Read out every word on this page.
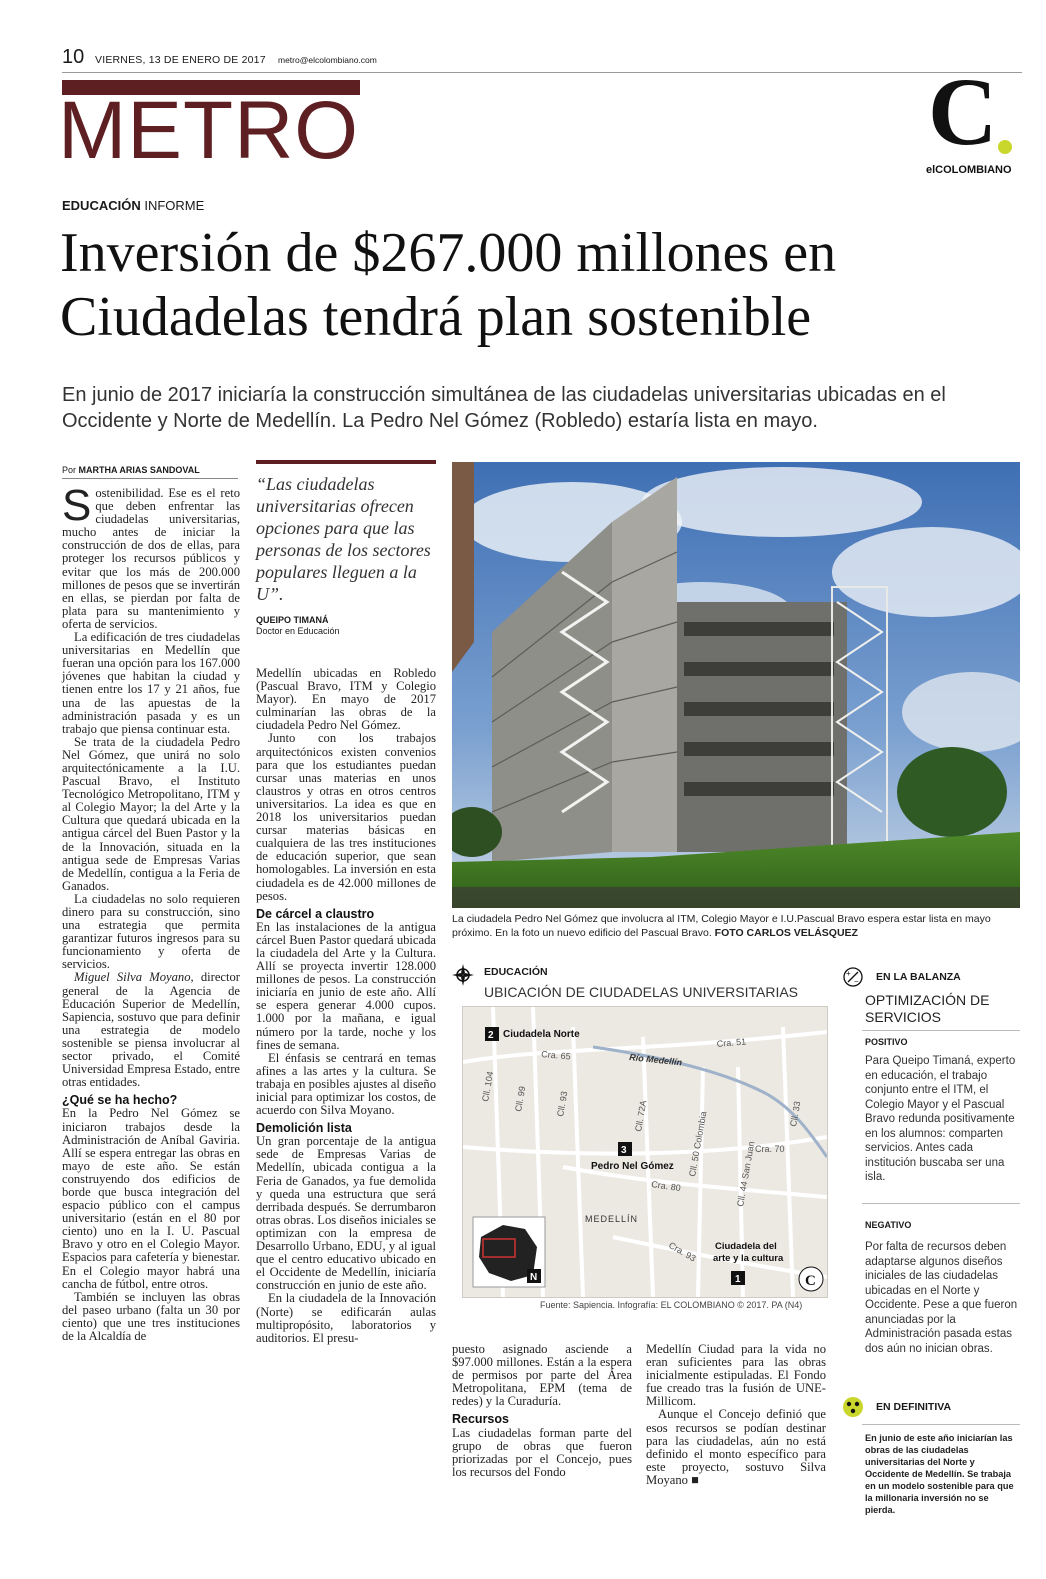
10 VIERNES, 13 DE ENERO DE 2017 metro@elcolombiano.com
METRO	C
elCOLOMBIANO
EDUCACIÓN INFORME
Inversión de $267.000 millones en Ciudadelas tendrá plan sostenible
En junio de 2017 iniciaría la construcción simultánea de las ciudadelas universitarias ubicadas en el Occidente y Norte de Medellín. La Pedro Nel Gómez (Robledo) estaría lista en mayo.
Por MARTHA ARIAS SANDOVAL

Sostenibilidad. Ese es el reto que deben enfrentar las ciudadelas universitarias, mucho antes de iniciar la construcción de dos de ellas, para proteger los recursos públicos y evitar que los más de 200.000 millones de pesos que se invertirán en ellas, se pierdan por falta de plata para su mantenimiento y oferta de servicios.

La edificación de tres ciudadelas universitarias en Medellín que fueran una opción para los 167.000 jóvenes que habitan la ciudad y tienen entre los 17 y 21 años, fue una de las apuestas de la administración pasada y es un trabajo que piensa continuar esta.

Se trata de la ciudadela Pedro Nel Gómez, que unirá no solo arquitectónicamente a la I.U. Pascual Bravo, el Instituto Tecnológico Metropolitano, ITM y al Colegio Mayor; la del Arte y la Cultura que quedará ubicada en la antigua cárcel del Buen Pastor y la de la Innovación, situada en la antigua sede de Empresas Varias de Medellín, contigua a la Feria de Ganados.

La ciudadelas no solo requieren dinero para su construcción, sino una estrategia que permita garantizar futuros ingresos para su funcionamiento y oferta de servicios.

Miguel Silva Moyano, director general de la Agencia de Educación Superior de Medellín, Sapiencia, sostuvo que para definir una estrategia de modelo sostenible se piensa involucrar al sector privado, el Comité Universidad Empresa Estado, entre otras entidades.

¿Qué se ha hecho?

En la Pedro Nel Gómez se iniciaron trabajos desde la Administración de Aníbal Gaviria. Allí se espera entregar las obras en mayo de este año. Se están construyendo dos edificios de borde que busca integración del espacio público con el campus universitario (están en el 80 por ciento) uno en la I. U. Pascual Bravo y otro en el Colegio Mayor. Espacios para cafetería y bienestar. En el Colegio mayor habrá una cancha de fútbol, entre otros.

También se incluyen las obras del paseo urbano (falta un 30 por ciento) que une tres instituciones de la Alcaldía de

“Las ciudadelas universitarias ofrecen opciones para que las personas de los sectores populares lleguen a la U”.
QUEIPO TIMANÁ
Doctor en Educación

Medellín ubicadas en Robledo (Pascual Bravo, ITM y Colegio Mayor). En mayo de 2017 culminarían las obras de la ciudadela Pedro Nel Gómez.

Junto con los trabajos arquitectónicos existen convenios para que los estudiantes puedan cursar unas materias en unos claustros y otras en otros centros universitarios. La idea es que en 2018 los universitarios puedan cursar materias básicas en cualquiera de las tres instituciones de educación superior, que sean homologables. La inversión en esta ciudadela es de 42.000 millones de pesos.

De cárcel a claustro

En las instalaciones de la antigua cárcel Buen Pastor quedará ubicada la ciudadela del Arte y la Cultura. Allí se proyecta invertir 128.000 millones de pesos. La construcción iniciaría en junio de este año. Allí se espera generar 4.000 cupos. 1.000 por la mañana, e igual número por la tarde, noche y los fines de semana.

El énfasis se centrará en temas afines a las artes y la cultura. Se trabaja en posibles ajustes al diseño inicial para optimizar los costos, de acuerdo con Silva Moyano.

Demolición lista

Un gran porcentaje de la antigua sede de Empresas Varias de Medellín, ubicada contigua a la Feria de Ganados, ya fue demolida y queda una estructura que será derribada después. Se derrumbaron otras obras. Los diseños iniciales se optimizan con la empresa de Desarrollo Urbano, EDU, y al igual que el centro educativo ubicado en el Occidente de Medellín, iniciaría construcción en junio de este año.

En la ciudadela de la Innovación (Norte) se edificarán aulas multipropósito, laboratorios y auditorios. El presu-

La ciudadela Pedro Nel Gómez que involucra al ITM, Colegio Mayor e I.U.Pascual Bravo espera estar lista en mayo próximo. En la foto un nuevo edificio del Pascual Bravo. FOTO CARLOS VELÁSQUEZ
EDUCACIÓN
UBICACIÓN DE CIUDADELAS UNIVERSITARIAS
Cra. 65
Cra. 51
Cll. 104 Cll. 99	Cll. 93	Cll. 72A	Cll. 50 Colombia	Cll. 44 San Juan
Cll. 33
Cra. 70
Cra. 80
Cra. 93
Río Medellín
MEDELLÍN
2 Ciudadela Norte
3
Pedro Nel Gómez
1
Ciudadela del
arte y la cultura
N	C
Fuente: Sapiencia. Infografía: EL COLOMBIANO © 2017. PA (N4)

puesto asignado asciende a $97.000 millones. Están a la espera de permisos por parte del Área Metropolitana, EPM (tema de redes) y la Curaduría.

Recursos

Las ciudadelas forman parte del grupo de obras que fueron priorizadas por el Concejo, pues los recursos del Fondo

Medellín Ciudad para la vida no eran suficientes para las obras inicialmente estipuladas. El Fondo fue creado tras la fusión de UNE-Millicom.

Aunque el Concejo definió que esos recursos se podían destinar para las ciudadelas, aún no está definido el monto específico para este proyecto, sostuvo Silva Moyano ■

+
− EN LA BALANZA
OPTIMIZACIÓN DE SERVICIOS
POSITIVO
Para Queipo Timaná, experto en educación, el trabajo conjunto entre el ITM, el Colegio Mayor y el Pascual Bravo redunda positivamente en los alumnos: comparten servicios. Antes cada institución buscaba ser una isla.
NEGATIVO
Por falta de recursos deben adaptarse algunos diseños iniciales de las ciudadelas ubicadas en el Norte y Occidente. Pese a que fueron anunciadas por la Administración pasada estas dos aún no inician obras.
EN DEFINITIVA
En junio de este año iniciarían las obras de las ciudadelas universitarias del Norte y Occidente de Medellín. Se trabaja en un modelo sostenible para que la millonaria inversión no se pierda.
